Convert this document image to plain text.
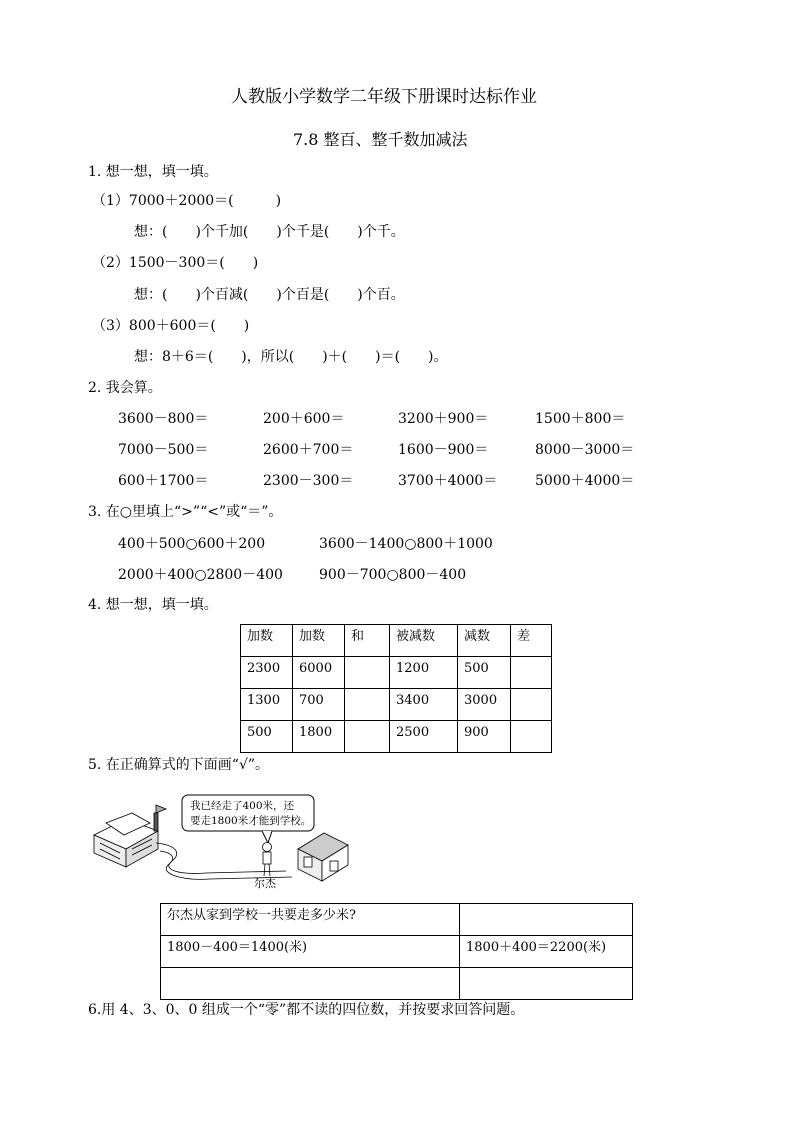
人教版小学数学二年级下册课时达标作业
7.8 整百、整千数加减法
1. 想一想，填一填。
（1）7000＋2000＝(　　　)
想：(　　)个千加(　　)个千是(　　)个千。
（2）1500－300＝(　　)
想：(　　)个百减(　　)个百是(　　)个百。
（3）800＋600＝(　　)
想：8＋6＝(　　)，所以(　　)＋(　　)＝(　　)。
2. 我会算。
3600－800＝	200＋600＝	3200＋900＝	1500＋800＝
7000－500＝	2600＋700＝	1600－900＝	8000－3000＝
600＋1700＝	2300－300＝	3700＋4000＝	5000＋4000＝
3. 在○里填上“>”“<”或“＝”。
400＋500○600＋200	3600－1400○800＋1000
2000＋400○2800－400	900－700○800－400
4. 想一想，填一填。
加数	加数	和	被减数	减数	差
2300	6000		1200	500	
1300	700		3400	3000	
500	1800		2500	900	
5. 在正确算式的下面画“√”。
我已经走了400米，还
要走1800米才能到学校。
尔杰
尔杰从家到学校一共要走多少米?	
1800－400＝1400(米)	1800＋400＝2200(米)

6.用 4、3、0、0 组成一个“零”都不读的四位数，并按要求回答问题。
